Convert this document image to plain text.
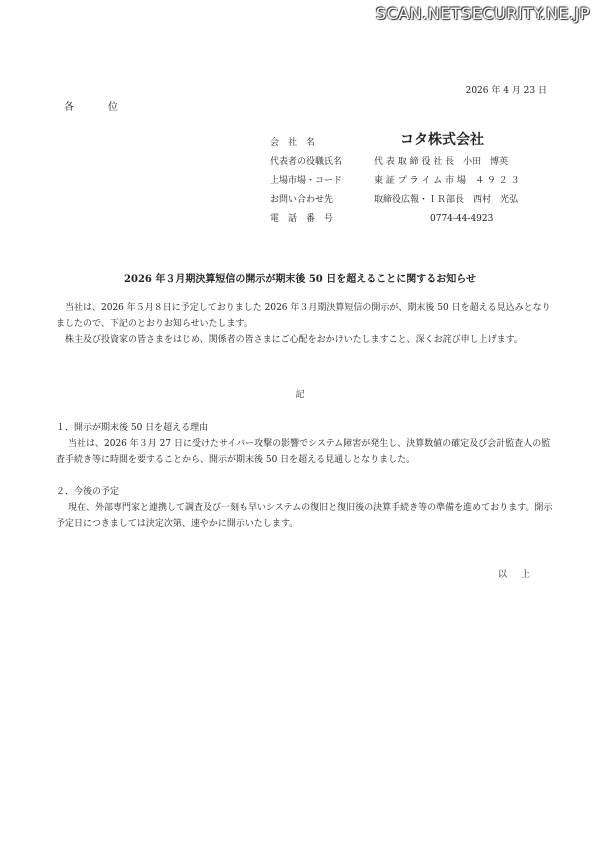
SCAN.NETSECURITY.NE.JP
2026 年 4 月 23 日
各　位
会　社　名	コタ株式会社
代表者の役職氏名	代 表 取 締 役 社 長　小田　博英
上場市場・コード	東 証 プ ラ イ ム 市 場　４ ９ ２ ３
お問い合わせ先	取締役広報・ＩＲ部長　西村　光弘
電　話　番　号	0774-44-4923
2026 年３月期決算短信の開示が期末後 50 日を超えることに関するお知らせ
　当社は、2026 年５月８日に予定しておりました 2026 年３月期決算短信の開示が、期末後 50 日を超える見込みとなりましたので、下記のとおりお知らせいたします。
　株主及び投資家の皆さまをはじめ、関係者の皆さまにご心配をおかけいたしますこと、深くお詫び申し上げます。
記
１．開示が期末後 50 日を超える理由
当社は、2026 年３月 27 日に受けたサイバー攻撃の影響でシステム障害が発生し、決算数値の確定及び会計監査人の監査手続き等に時間を要することから、開示が期末後 50 日を超える見通しとなりました。
２．今後の予定
現在、外部専門家と連携して調査及び一刻も早いシステムの復旧と復旧後の決算手続き等の準備を進めております。開示予定日につきましては決定次第、速やかに開示いたします。
以上
